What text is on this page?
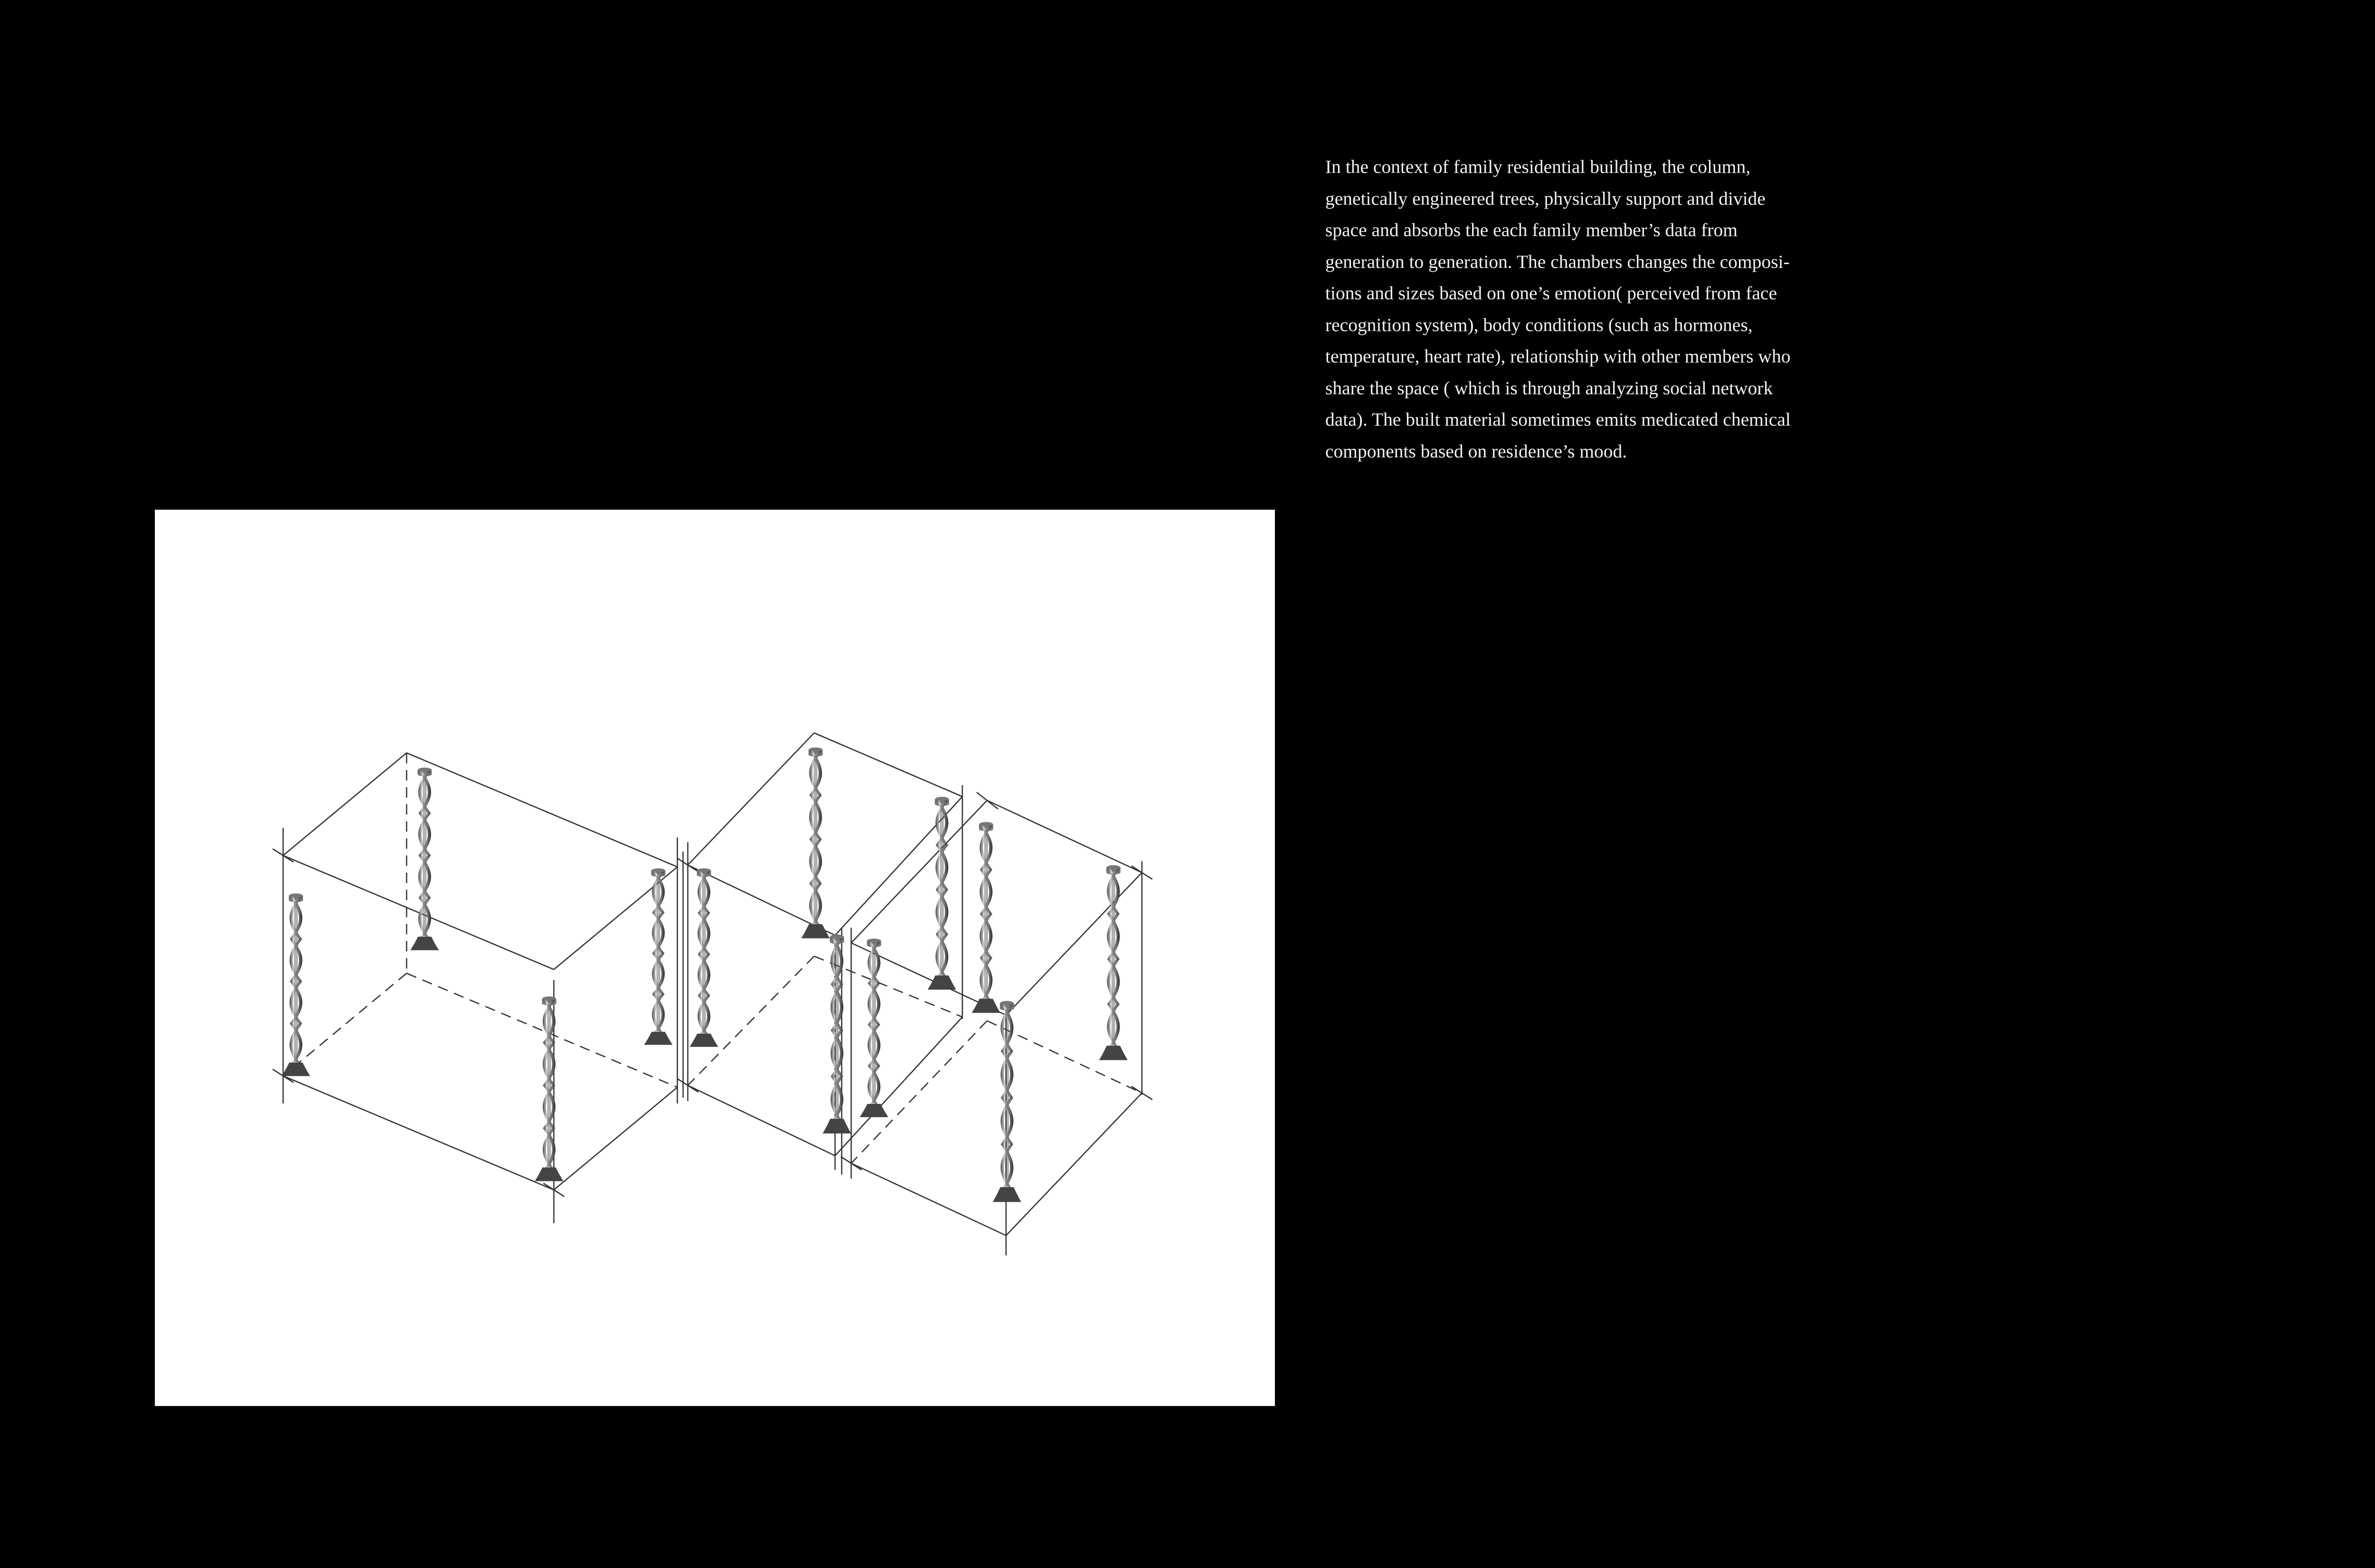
In the context of family residential building, the column,
genetically engineered trees, physically support and divide
space and absorbs the each family member’s data from
generation to generation. The chambers changes the composi-
tions and sizes based on one’s emotion( perceived from face
recognition system), body conditions (such as hormones,
temperature, heart rate), relationship with other members who
share the space ( which is through analyzing social network
data). The built material sometimes emits medicated chemical
components based on residence’s mood.
